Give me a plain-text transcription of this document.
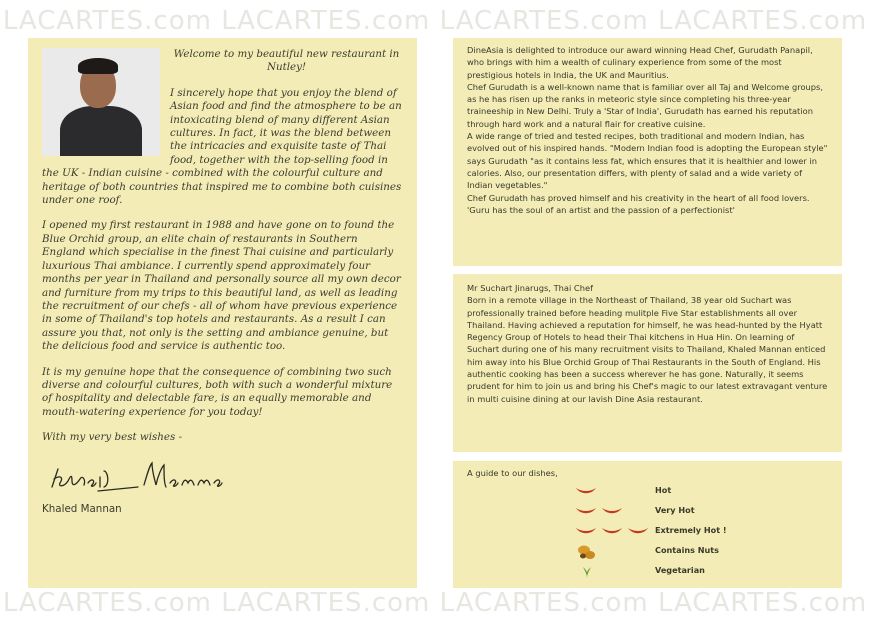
LACARTES.com LACARTES.com LACARTES.com LACARTES.com

Welcome to my beautiful new restaurant in Nutley!

I sincerely hope that you enjoy the blend of Asian food and find the atmosphere to be an intoxicating blend of many different Asian cultures. In fact, it was the blend between the intricacies and exquisite taste of Thai food, together with the top-selling food in the UK - Indian cuisine - combined with the colourful culture and heritage of both countries that inspired me to combine both cuisines under one roof.

I opened my first restaurant in 1988 and have gone on to found the Blue Orchid group, an elite chain of restaurants in Southern England which specialise in the finest Thai cuisine and particularly luxurious Thai ambiance. I currently spend approximately four months per year in Thailand and personally source all my own decor and furniture from my trips to this beautiful land, as well as leading the recruitment of our chefs - all of whom have previous experience in some of Thailand's top hotels and restaurants. As a result I can assure you that, not only is the setting and ambiance genuine, but the delicious food and service is authentic too.

It is my genuine hope that the consequence of combining two such diverse and colourful cultures, both with such a wonderful mixture of hospitality and delectable fare, is an equally memorable and mouth-watering experience for you today!

With my very best wishes -

Khaled Mannan

DineAsia is delighted to introduce our award winning Head Chef, Gurudath Panapil, who brings with him a wealth of culinary experience from some of the most prestigious hotels in India, the UK and Mauritius.

Chef Gurudath is a well-known name that is familiar over all Taj and Welcome groups, as he has risen up the ranks in meteoric style since completing his three-year traineeship in New Delhi. Truly a 'Star of India', Gurudath has earned his reputation through hard work and a natural flair for creative cuisine.

A wide range of tried and tested recipes, both traditional and modern Indian, has evolved out of his inspired hands. "Modern Indian food is adopting the European style" says Gurudath "as it contains less fat, which ensures that it is healthier and lower in calories. Also, our presentation differs, with plenty of salad and a wide variety of Indian vegetables."

Chef Gurudath has proved himself and his creativity in the heart of all food lovers.

'Guru has the soul of an artist and the passion of a perfectionist'

Mr Suchart Jinarugs, Thai Chef

Born in a remote village in the Northeast of Thailand, 38 year old Suchart was professionally trained before heading mulitple Five Star establishments all over Thailand. Having achieved a reputation for himself, he was head-hunted by the Hyatt Regency Group of Hotels to head their Thai kitchens in Hua Hin. On learning of Suchart during one of his many recruitment visits to Thailand, Khaled Mannan enticed him away into his Blue Orchid Group of Thai Restaurants in the South of England. His authentic cooking has been a success wherever he has gone. Naturally, it seems prudent for him to join us and bring his Chef's magic to our latest extravagant venture in multi cuisine dining at our lavish Dine Asia restaurant.

A guide to our dishes,
Hot
Very Hot
Extremely Hot !
Contains Nuts
Vegetarian
LACARTES.com LACARTES.com LACARTES.com LACARTES.com
